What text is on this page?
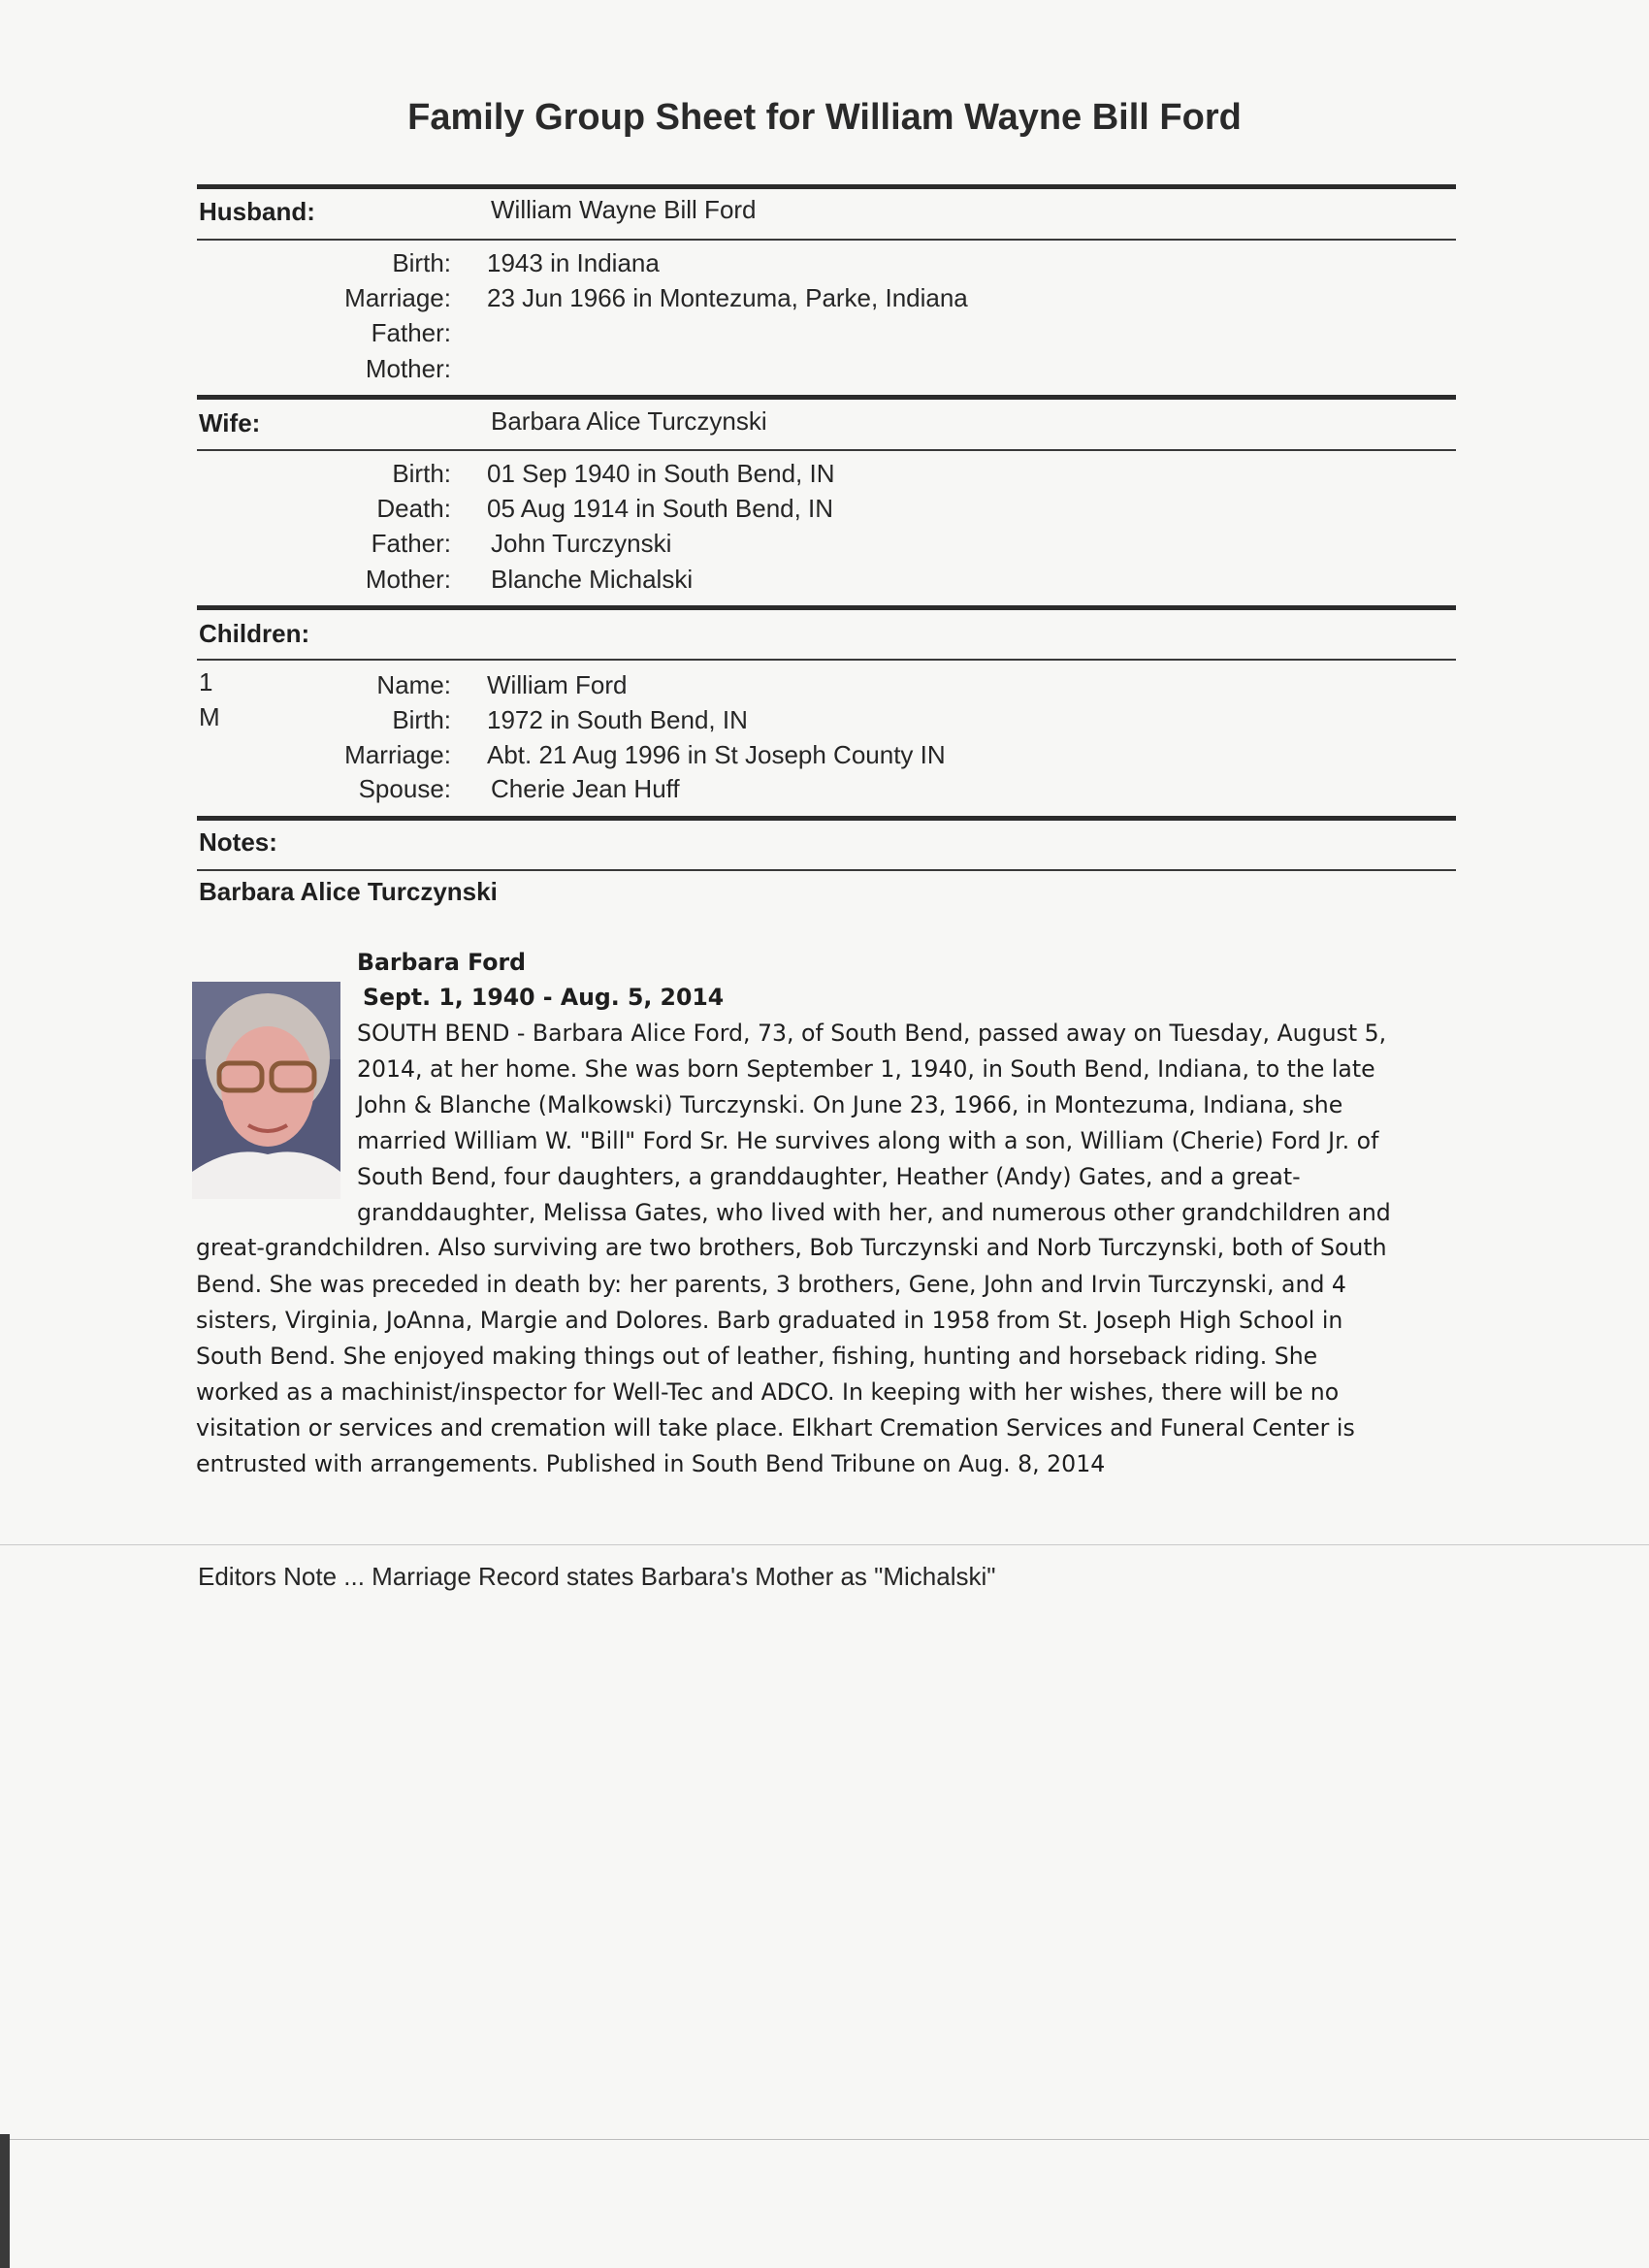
Family Group Sheet for William Wayne Bill Ford
Husband:	William Wayne Bill Ford
Birth: 1943 in Indiana
Marriage: 23 Jun 1966 in Montezuma, Parke, Indiana
Father:
Mother:
Wife:	Barbara Alice Turczynski
Birth: 01 Sep 1940 in South Bend, IN
Death: 05 Aug 1914 in South Bend, IN
Father: John Turczynski
Mother: Blanche Michalski
Children:
1
M
Name: William Ford
Birth: 1972 in South Bend, IN
Marriage: Abt. 21 Aug 1996 in St Joseph County IN
Spouse: Cherie Jean Huff
Notes:
Barbara Alice Turczynski
Barbara Ford
Sept. 1, 1940 - Aug. 5, 2014
SOUTH BEND - Barbara Alice Ford, 73, of South Bend, passed away on Tuesday, August 5,
2014, at her home. She was born September 1, 1940, in South Bend, Indiana, to the late
John & Blanche (Malkowski) Turczynski. On June 23, 1966, in Montezuma, Indiana, she
married William W. "Bill" Ford Sr. He survives along with a son, William (Cherie) Ford Jr. of
South Bend, four daughters, a granddaughter, Heather (Andy) Gates, and a great-
granddaughter, Melissa Gates, who lived with her, and numerous other grandchildren and
great-grandchildren. Also surviving are two brothers, Bob Turczynski and Norb Turczynski, both of South
Bend. She was preceded in death by: her parents, 3 brothers, Gene, John and Irvin Turczynski, and 4
sisters, Virginia, JoAnna, Margie and Dolores. Barb graduated in 1958 from St. Joseph High School in
South Bend. She enjoyed making things out of leather, fishing, hunting and horseback riding. She
worked as a machinist/inspector for Well-Tec and ADCO. In keeping with her wishes, there will be no
visitation or services and cremation will take place. Elkhart Cremation Services and Funeral Center is
entrusted with arrangements. Published in South Bend Tribune on Aug. 8, 2014
Editors Note ... Marriage Record states Barbara's Mother as "Michalski"
